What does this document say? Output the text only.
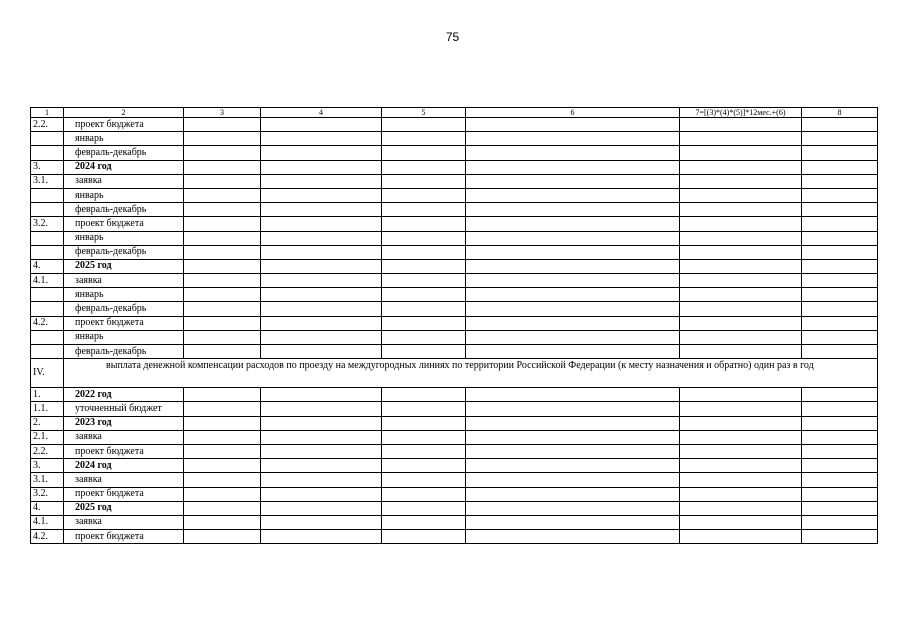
75
1	2	3	4	5	6	7=[(3)*(4)*(5)]*12мес.+(6)	8
2.2.	проект бюджета						
	январь						
	февраль-декабрь						
3.	2024 год						
3.1.	заявка						
	январь						
	февраль-декабрь						
3.2.	проект бюджета						
	январь						
	февраль-декабрь						
4.	2025 год						
4.1.	заявка						
	январь						
	февраль-декабрь						
4.2.	проект бюджета						
	январь						
	февраль-декабрь						
IV.	выплата денежной компенсации расходов по проезду на междугородных линиях по территории Российской Федерации (к месту назначения и обратно) один раз в год						
1.	2022 год						
1.1.	уточненный бюджет						
2.	2023 год						
2.1.	заявка						
2.2.	проект бюджета						
3.	2024 год						
3.1.	заявка						
3.2.	проект бюджета						
4.	2025 год						
4.1.	заявка						
4.2.	проект бюджета						
